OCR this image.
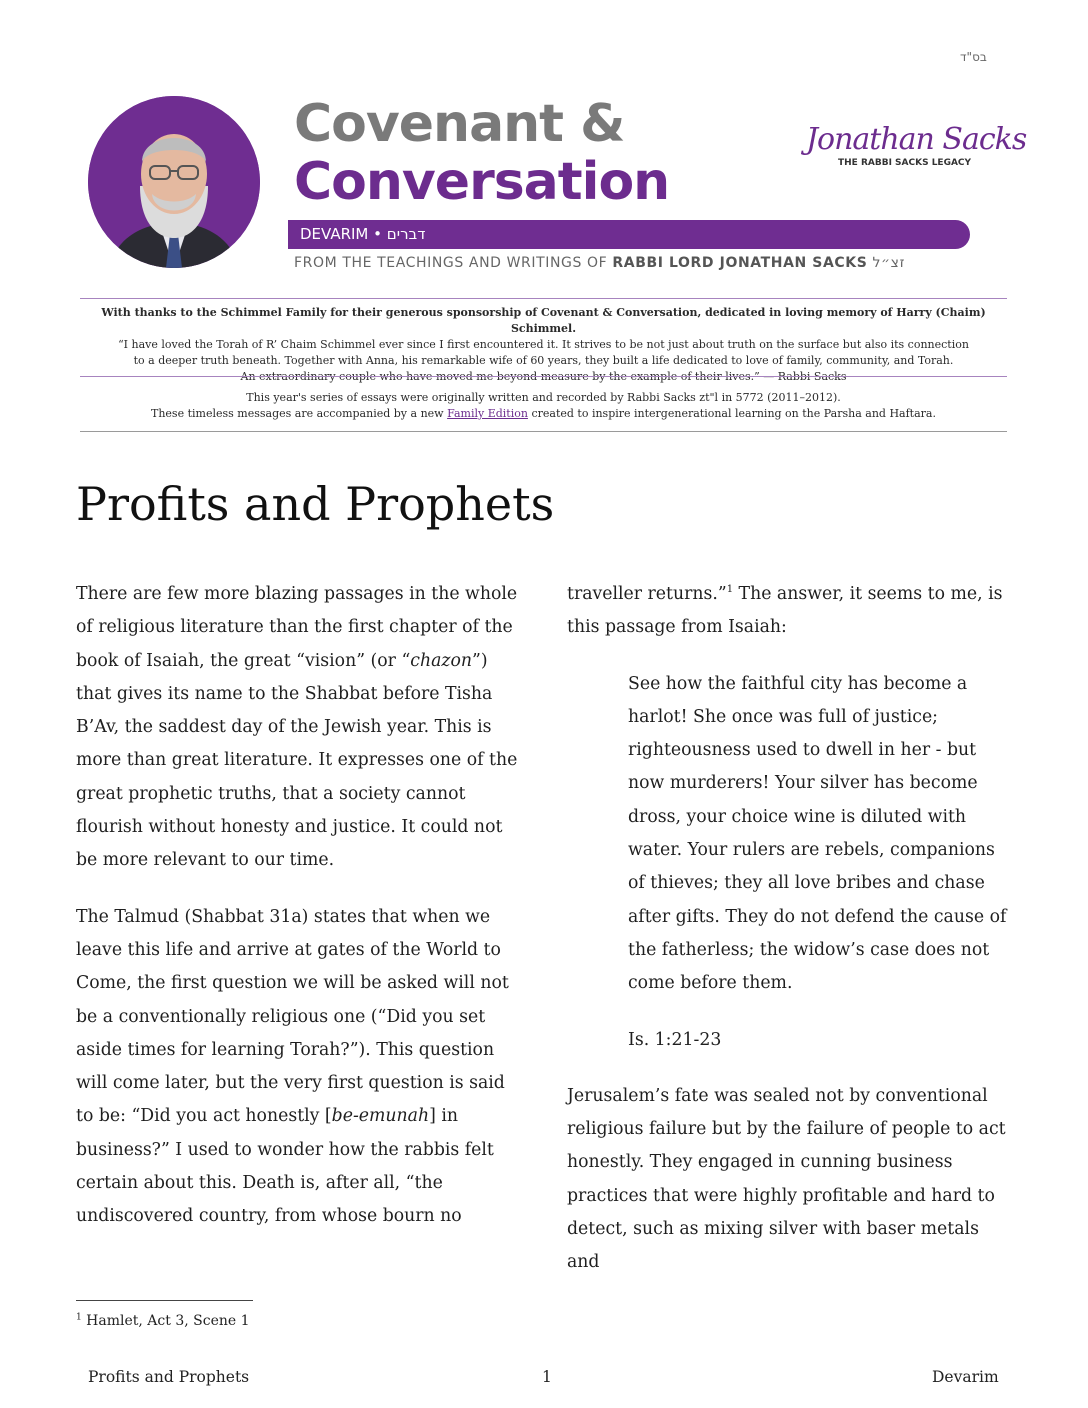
בס"ד
Covenant &
Conversation
Jonathan Sacks
THE RABBI SACKS LEGACY
DEVARIM • דברים
FROM THE TEACHINGS AND WRITINGS OF RABBI LORD JONATHAN SACKS זצ״ל
With thanks to the Schimmel Family for their generous sponsorship of Covenant & Conversation, dedicated in loving memory of Harry (Chaim) Schimmel.
“I have loved the Torah of R’ Chaim Schimmel ever since I first encountered it. It strives to be not just about truth on the surface but also its connection
to a deeper truth beneath. Together with Anna, his remarkable wife of 60 years, they built a life dedicated to love of family, community, and Torah.
An extraordinary couple who have moved me beyond measure by the example of their lives.” — Rabbi Sacks
This year's series of essays were originally written and recorded by Rabbi Sacks zt"l in 5772 (2011–2012).
These timeless messages are accompanied by a new Family Edition created to inspire intergenerational learning on the Parsha and Haftara.
Profits and Prophets

There are few more blazing passages in the whole of religious literature than the first chapter of the book of Isaiah, the great “vision” (or “chazon”) that gives its name to the Shabbat before Tisha B’Av, the saddest day of the Jewish year. This is more than great literature. It expresses one of the great prophetic truths, that a society cannot flourish without honesty and justice. It could not be more relevant to our time.

The Talmud (Shabbat 31a) states that when we leave this life and arrive at gates of the World to Come, the first question we will be asked will not be a conventionally religious one (“Did you set aside times for learning Torah?”). This question will come later, but the very first question is said to be: “Did you act honestly [be-emunah] in business?” I used to wonder how the rabbis felt certain about this. Death is, after all, “the undiscovered country, from whose bourn no

traveller returns.”$^1$ The answer, it seems to me, is this passage from Isaiah:

See how the faithful city has become a harlot! She once was full of justice; righteousness used to dwell in her - but now murderers! Your silver has become dross, your choice wine is diluted with water. Your rulers are rebels, companions of thieves; they all love bribes and chase after gifts. They do not defend the cause of the fatherless; the widow’s case does not come before them.

Is. 1:21-23

Jerusalem’s fate was sealed not by conventional religious failure but by the failure of people to act honestly. They engaged in cunning business practices that were highly profitable and hard to detect, such as mixing silver with baser metals and

$^1$ Hamlet, Act 3, Scene 1
Profits and Prophets	1	Devarim
